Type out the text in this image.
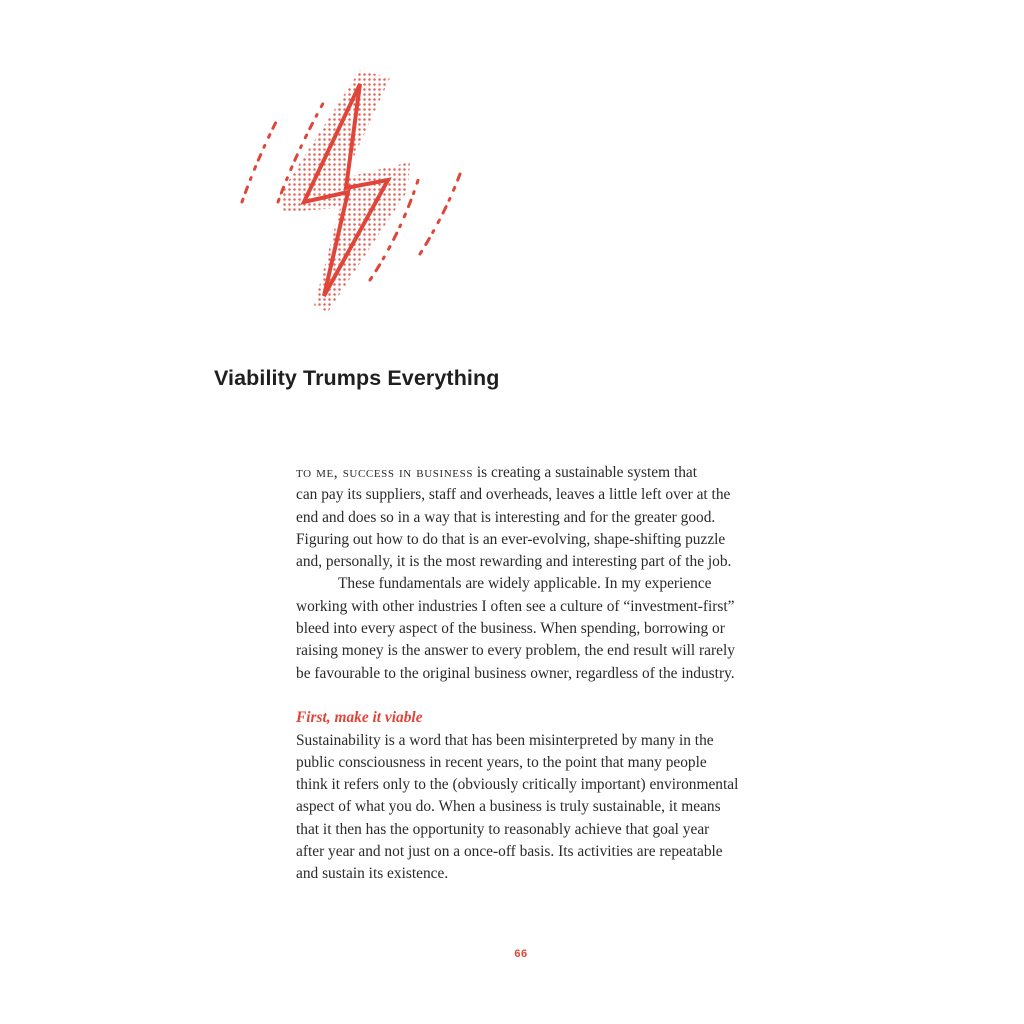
Viability Trumps Everything

to me, success in business is creating a sustainable system that
can pay its suppliers, staff and overheads, leaves a little left over at the
end and does so in a way that is interesting and for the greater good.
Figuring out how to do that is an ever-evolving, shape-shifting puzzle
and, personally, it is the most rewarding and interesting part of the job.

These fundamentals are widely applicable. In my experience
working with other industries I often see a culture of “investment-first”
bleed into every aspect of the business. When spending, borrowing or
raising money is the answer to every problem, the end result will rarely
be favourable to the original business owner, regardless of the industry.

First, make it viable

Sustainability is a word that has been misinterpreted by many in the
public consciousness in recent years, to the point that many people
think it refers only to the (obviously critically important) environmental
aspect of what you do. When a business is truly sustainable, it means
that it then has the opportunity to reasonably achieve that goal year
after year and not just on a once-off basis. Its activities are repeatable
and sustain its existence.

66
